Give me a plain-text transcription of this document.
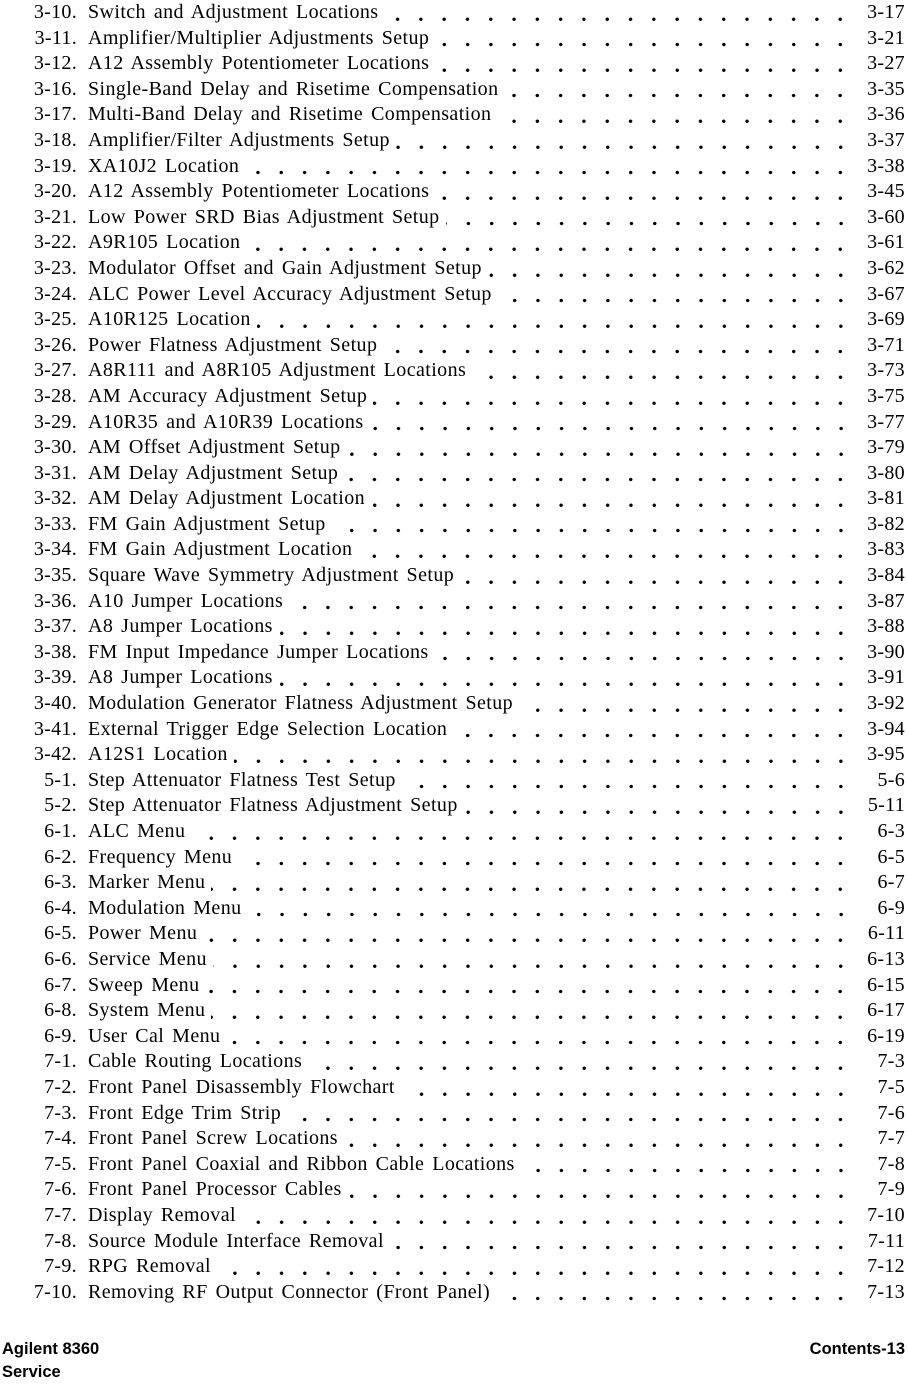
3-10. Switch and Adjustment Locations	3-17
3-11. Amplifier/Multiplier Adjustments Setup	3-21
3-12. A12 Assembly Potentiometer Locations	3-27
3-16. Single-Band Delay and Risetime Compensation	3-35
3-17. Multi-Band Delay and Risetime Compensation	3-36
3-18. Amplifier/Filter Adjustments Setup	3-37
3-19. XA10J2 Location	3-38
3-20. A12 Assembly Potentiometer Locations	3-45
3-21. Low Power SRD Bias Adjustment Setup	3-60
3-22. A9R105 Location	3-61
3-23. Modulator Offset and Gain Adjustment Setup	3-62
3-24. ALC Power Level Accuracy Adjustment Setup	3-67
3-25. A10R125 Location	3-69
3-26. Power Flatness Adjustment Setup	3-71
3-27. A8R111 and A8R105 Adjustment Locations	3-73
3-28. AM Accuracy Adjustment Setup	3-75
3-29. A10R35 and A10R39 Locations	3-77
3-30. AM Offset Adjustment Setup	3-79
3-31. AM Delay Adjustment Setup	3-80
3-32. AM Delay Adjustment Location	3-81
3-33. FM Gain Adjustment Setup	3-82
3-34. FM Gain Adjustment Location	3-83
3-35. Square Wave Symmetry Adjustment Setup	3-84
3-36. A10 Jumper Locations	3-87
3-37. A8 Jumper Locations	3-88
3-38. FM Input Impedance Jumper Locations	3-90
3-39. A8 Jumper Locations	3-91
3-40. Modulation Generator Flatness Adjustment Setup	3-92
3-41. External Trigger Edge Selection Location	3-94
3-42. A12S1 Location	3-95
5-1. Step Attenuator Flatness Test Setup	5-6
5-2. Step Attenuator Flatness Adjustment Setup	5-11
6-1. ALC Menu	6-3
6-2. Frequency Menu	6-5
6-3. Marker Menu	6-7
6-4. Modulation Menu	6-9
6-5. Power Menu	6-11
6-6. Service Menu	6-13
6-7. Sweep Menu	6-15
6-8. System Menu	6-17
6-9. User Cal Menu	6-19
7-1. Cable Routing Locations	7-3
7-2. Front Panel Disassembly Flowchart	7-5
7-3. Front Edge Trim Strip	7-6
7-4. Front Panel Screw Locations	7-7
7-5. Front Panel Coaxial and Ribbon Cable Locations	7-8
7-6. Front Panel Processor Cables	7-9
7-7. Display Removal	7-10
7-8. Source Module Interface Removal	7-11
7-9. RPG Removal	7-12
7-10. Removing RF Output Connector (Front Panel)	7-13
Agilent 8360
Service
Contents-13
